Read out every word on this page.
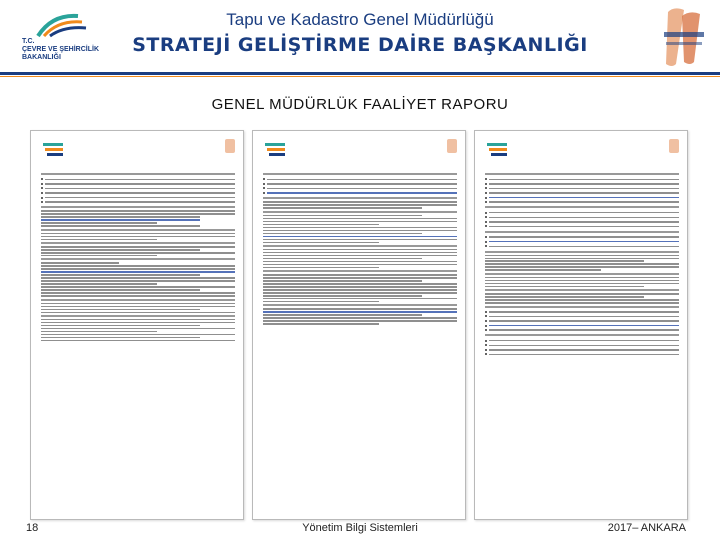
T.C.
ÇEVRE VE ŞEHİRCİLİK
BAKANLIĞI
Tapu ve Kadastro Genel Müdürlüğü
STRATEJİ GELİŞTİRME DAİRE BAŞKANLIĞI
GENEL MÜDÜRLÜK FAALİYET RAPORU
18	Yönetim Bilgi Sistemleri	2017– ANKARA
